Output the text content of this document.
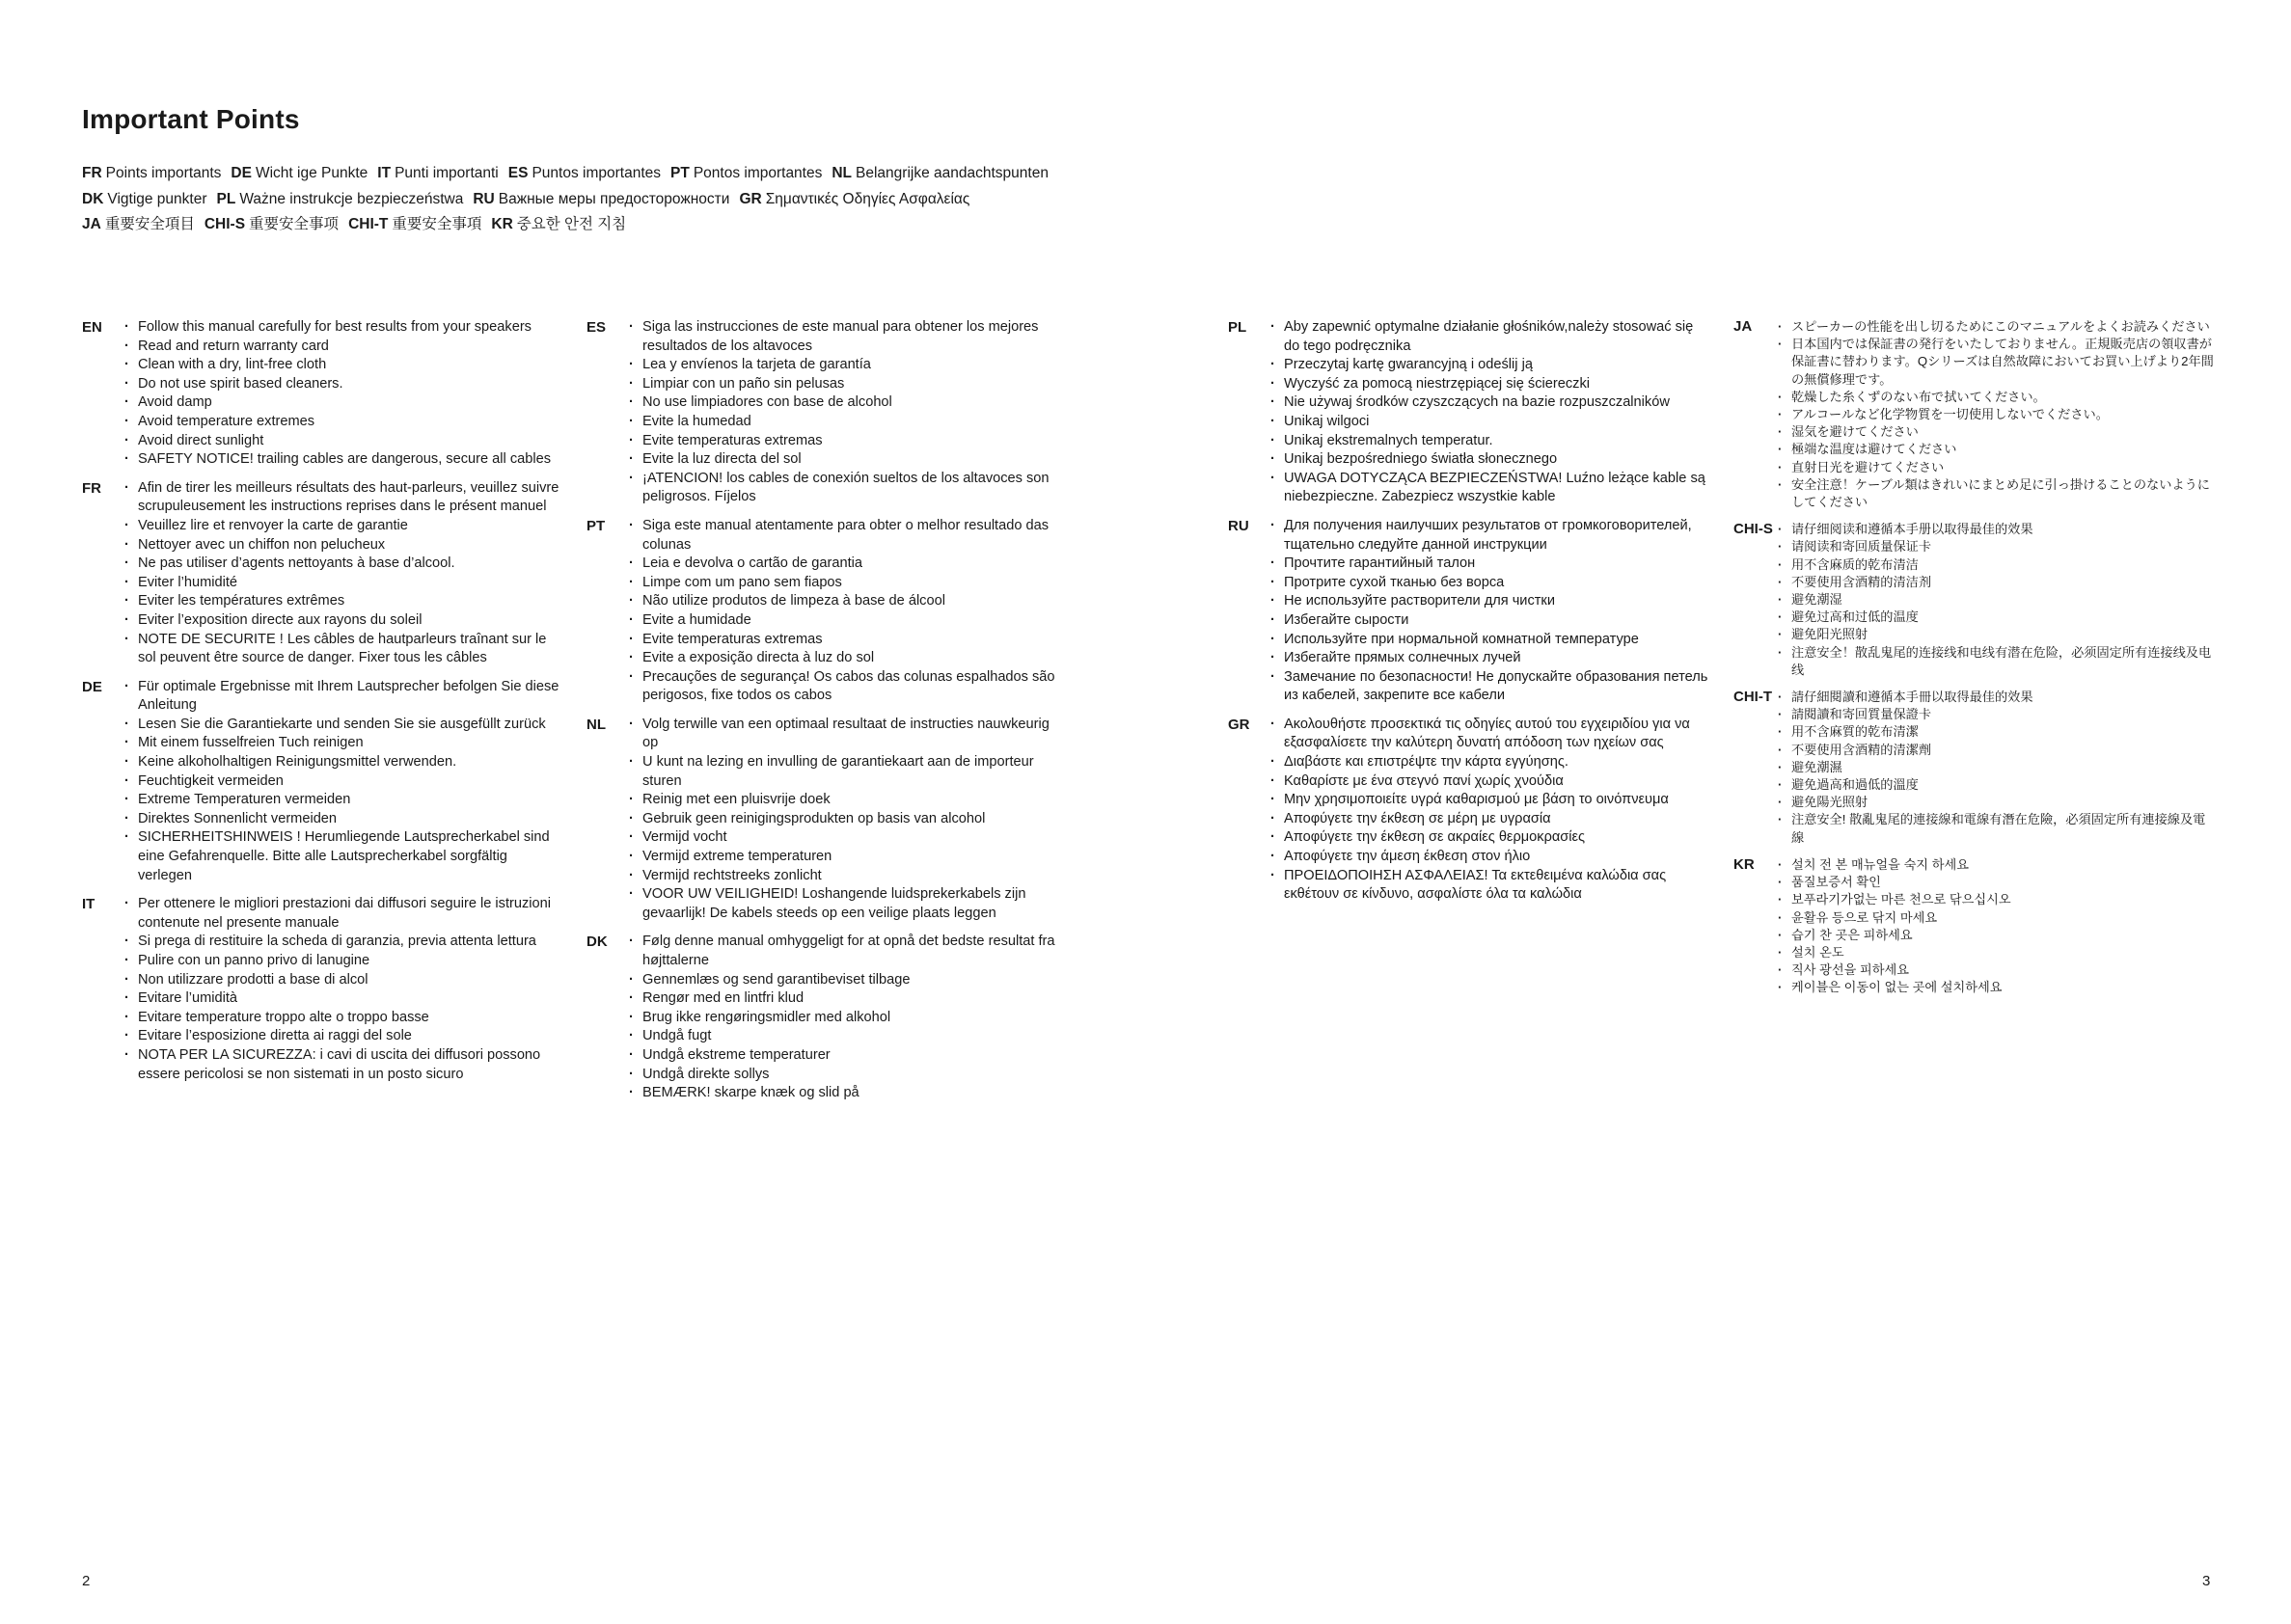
Important Points
FR Points importants DE Wicht ige Punkte IT Punti importanti ES Puntos importantes PT Pontos importantes NL Belangrijke aandachtspunten
DK Vigtige punkter PL Ważne instrukcje bezpieczeństwa RU Важные меры предосторожности GR Σημαντικές Οδηγίες Ασφαλείας
JA 重要安全項目 CHI-S 重要安全事项 CHI-T 重要安全事項 KR 중요한 안전 지침
EN	· Follow this manual carefully for best results from your speakers
· Read and return warranty card
· Clean with a dry, lint-free cloth
· Do not use spirit based cleaners.
· Avoid damp
· Avoid temperature extremes
· Avoid direct sunlight
· SAFETY NOTICE! trailing cables are dangerous, secure all cables
FR	· Afin de tirer les meilleurs résultats des haut-parleurs, veuillez suivre scrupuleusement les instructions reprises dans le présent manuel
· Veuillez lire et renvoyer la carte de garantie
· Nettoyer avec un chiffon non pelucheux
· Ne pas utiliser d’agents nettoyants à base d’alcool.
· Eviter l’humidité
· Eviter les températures extrêmes
· Eviter l’exposition directe aux rayons du soleil
· NOTE DE SECURITE ! Les câbles de hautparleurs traînant sur le sol peuvent être source de danger. Fixer tous les câbles
DE	· Für optimale Ergebnisse mit Ihrem Lautsprecher befolgen Sie diese Anleitung
· Lesen Sie die Garantiekarte und senden Sie sie ausgefüllt zurück
· Mit einem fusselfreien Tuch reinigen
· Keine alkoholhaltigen Reinigungsmittel verwenden.
· Feuchtigkeit vermeiden
· Extreme Temperaturen vermeiden
· Direktes Sonnenlicht vermeiden
· SICHERHEITSHINWEIS ! Herumliegende Lautsprecherkabel sind eine Gefahrenquelle. Bitte alle Lautsprecherkabel sorgfältig verlegen
IT	· Per ottenere le migliori prestazioni dai diffusori seguire le istruzioni contenute nel presente manuale
· Si prega di restituire la scheda di garanzia, previa attenta lettura
· Pulire con un panno privo di lanugine
· Non utilizzare prodotti a base di alcol
· Evitare l’umidità
· Evitare temperature troppo alte o troppo basse
· Evitare l’esposizione diretta ai raggi del sole
· NOTA PER LA SICUREZZA: i cavi di uscita dei diffusori possono essere pericolosi se non sistemati in un posto sicuro
ES	· Siga las instrucciones de este manual para obtener los mejores resultados de los altavoces
· Lea y envíenos la tarjeta de garantía
· Limpiar con un paño sin pelusas
· No use limpiadores con base de alcohol
· Evite la humedad
· Evite temperaturas extremas
· Evite la luz directa del sol
· ¡ATENCION! los cables de conexión sueltos de los altavoces son peligrosos. Fíjelos
PT	· Siga este manual atentamente para obter o melhor resultado das colunas
· Leia e devolva o cartão de garantia
· Limpe com um pano sem fiapos
· Não utilize produtos de limpeza à base de álcool
· Evite a humidade
· Evite temperaturas extremas
· Evite a exposição directa à luz do sol
· Precauções de segurança! Os cabos das colunas espalhados são perigosos, fixe todos os cabos
NL	· Volg terwille van een optimaal resultaat de instructies nauwkeurig op
· U kunt na lezing en invulling de garantiekaart aan de importeur sturen
· Reinig met een pluisvrije doek
· Gebruik geen reinigingsprodukten op basis van alcohol
· Vermijd vocht
· Vermijd extreme temperaturen
· Vermijd rechtstreeks zonlicht
· VOOR UW VEILIGHEID! Loshangende luidsprekerkabels zijn gevaarlijk! De kabels steeds op een veilige plaats leggen
DK	· Følg denne manual omhyggeligt for at opnå det bedste resultat fra højttalerne
· Gennemlæs og send garantibeviset tilbage
· Rengør med en lintfri klud
· Brug ikke rengøringsmidler med alkohol
· Undgå fugt
· Undgå ekstreme temperaturer
· Undgå direkte sollys
· BEMÆRK! skarpe knæk og slid på
PL	· Aby zapewnić optymalne działanie głośników,należy stosować się do tego podręcznika
· Przeczytaj kartę gwarancyjną i odeślij ją
· Wyczyść za pomocą niestrzępiącej się ściereczki
· Nie używaj środków czyszczących na bazie rozpuszczalników
· Unikaj wilgoci
· Unikaj ekstremalnych temperatur.
· Unikaj bezpośredniego światła słonecznego
· UWAGA DOTYCZĄCA BEZPIECZEŃSTWA! Luźno leżące kable są niebezpieczne. Zabezpiecz wszystkie kable
RU	· Для получения наилучших результатов от громкоговорителей, тщательно следуйте данной инструкции
· Прочтите гарантийный талон
· Протрите сухой тканью без ворса
· Не используйте растворители для чистки
· Избегайте сырости
· Используйте при нормальной комнатной температуре
· Избегайте прямых солнечных лучей
· Замечание по безопасности! Не допускайте образования петель из кабелей, закрепите все кабели
GR	· Ακολουθήστε προσεκτικά τις οδηγίες αυτού του εγχειριδίου για να εξασφαλίσετε την καλύτερη δυνατή απόδοση των ηχείων σας
· Διαβάστε και επιστρέψτε την κάρτα εγγύησης.
· Καθαρίστε με ένα στεγνό πανί χωρίς χνούδια
· Μην χρησιμοποιείτε υγρά καθαρισμού με βάση το οινόπνευμα
· Αποφύγετε την έκθεση σε μέρη με υγρασία
· Αποφύγετε την έκθεση σε ακραίες θερμοκρασίες
· Αποφύγετε την άμεση έκθεση στον ήλιο
· ΠΡΟΕΙΔΟΠΟΙΗΣΗ ΑΣΦΑΛΕΙΑΣ! Τα εκτεθειμένα καλώδια σας εκθέτουν σε κίνδυνο, ασφαλίστε όλα τα καλώδια
JA	· スピーカーの性能を出し切るためにこのマニュアルをよくお読みください
· 日本国内では保証書の発行をいたしておりません。正規販売店の領収書が保証書に替わります。Qシリーズは自然故障においてお買い上げより2年間の無償修理です。
· 乾燥した糸くずのない布で拭いてください。
· アルコールなど化学物質を一切使用しないでください。
· 湿気を避けてください
· 極端な温度は避けてください
· 直射日光を避けてください
· 安全注意！ケーブル類はきれいにまとめ足に引っ掛けることのないようにしてください
CHI-S	· 请仔细阅读和遵循本手册以取得最佳的效果
· 请阅读和寄回质量保证卡
· 用不含麻质的乾布清洁
· 不要使用含酒精的清洁剂
· 避免潮湿
· 避免过高和过低的温度
· 避免阳光照射
· 注意安全！散乱鬼尾的连接线和电线有潜在危险，必须固定所有连接线及电线
CHI-T	· 請仔細閱讀和遵循本手冊以取得最佳的效果
· 請閱讀和寄回質量保證卡
· 用不含麻質的乾布清潔
· 不要使用含酒精的清潔劑
· 避免潮濕
· 避免過高和過低的溫度
· 避免陽光照射
· 注意安全! 散亂鬼尾的連接線和電線有潛在危險，必須固定所有連接線及電線
KR	· 설치 전 본 매뉴얼을 숙지 하세요
· 품질보증서 확인
· 보푸라기가없는 마른 천으로 닦으십시오
· 윤활유 등으로 닦지 마세요
· 습기 찬 곳은 피하세요
· 설치 온도
· 직사 광선을 피하세요
· 케이블은 이동이 없는 곳에 설치하세요
2	3
